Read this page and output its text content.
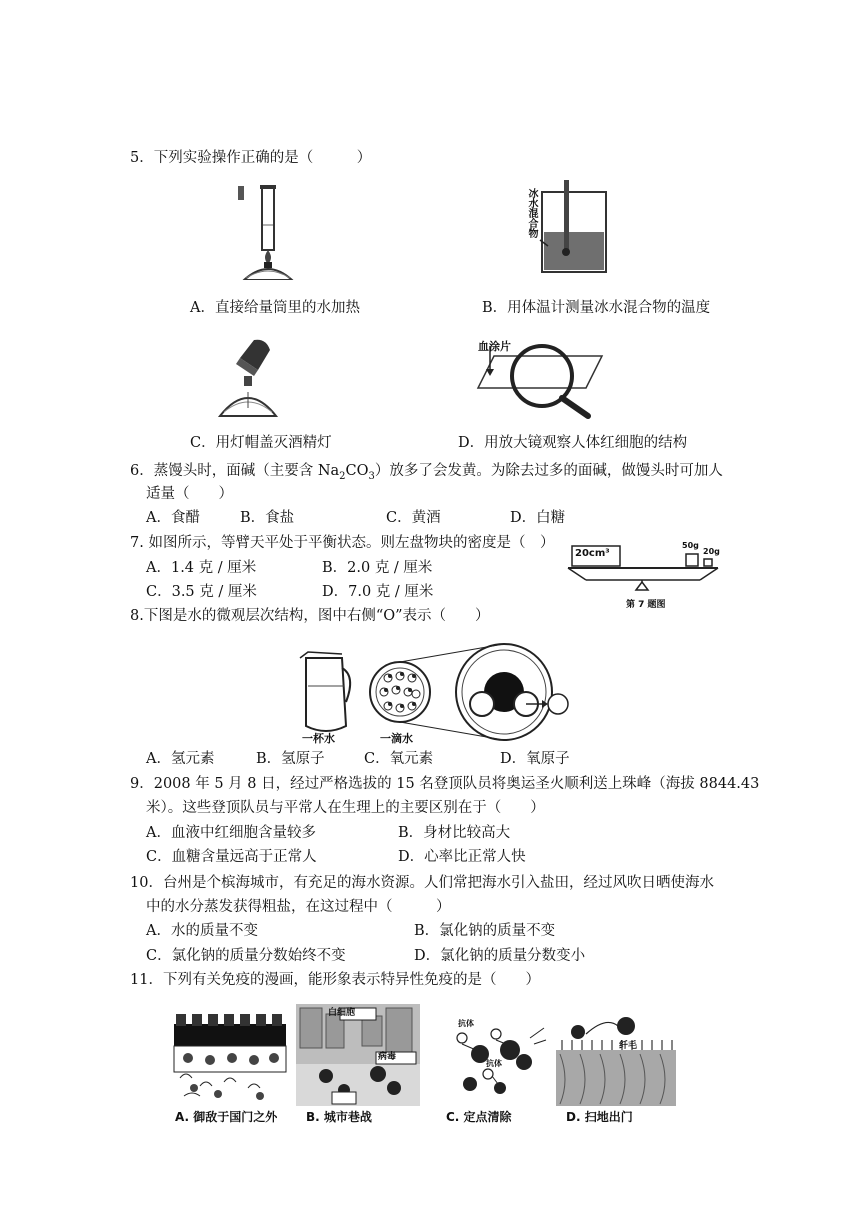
5．下列实验操作正确的是（　　　）
冰水混合物
A．直接给量筒里的水加热	B．用体温计测量冰水混合物的温度
血涂片
C．用灯帽盖灭酒精灯	D．用放大镜观察人体红细胞的结构
6．蒸馒头时，面碱（主要含 $Na_2CO_3$）放多了会发黄。为除去过多的面碱，做馒头时可加人
适量（　　）
A．食醋	B．食盐	C．黄酒	D．白糖
7. 如图所示，等臂天平处于平衡状态。则左盘物块的密度是（　）
A．1.4 克 / 厘米	B．2.0 克 / 厘米
C．3.5 克 / 厘米	D．7.0 克 / 厘米
20cm³
50g
20g
第 7 题图
8.下图是水的微观层次结构，图中右侧“O”表示（　　）
一杯水	一滴水
A．氢元素	B．氢原子	C．氧元素	D．氧原子
9．2008 年 5 月 8 日，经过严格选拔的 15 名登顶队员将奥运圣火顺利送上珠峰（海拔 8844.43
米）。这些登顶队员与平常人在生理上的主要区别在于（　　）
A．血液中红细胞含量较多	B．身材比较高大
C．血糖含量远高于正常人	D．心率比正常人快
10．台州是个槟海城市，有充足的海水资源。人们常把海水引入盐田，经过风吹日晒使海水
中的水分蒸发获得粗盐，在这过程中（　　　）
A．水的质量不变	B．氯化钠的质量不变
C．氯化钠的质量分数始终不变	D．氯化钠的质量分数变小
11．下列有关免疫的漫画，能形象表示特异性免疫的是（　　）
A. 御敌于国门之外
白细胞
病毒
B. 城市巷战
抗体
抗体
C. 定点清除
纤毛
D. 扫地出门
